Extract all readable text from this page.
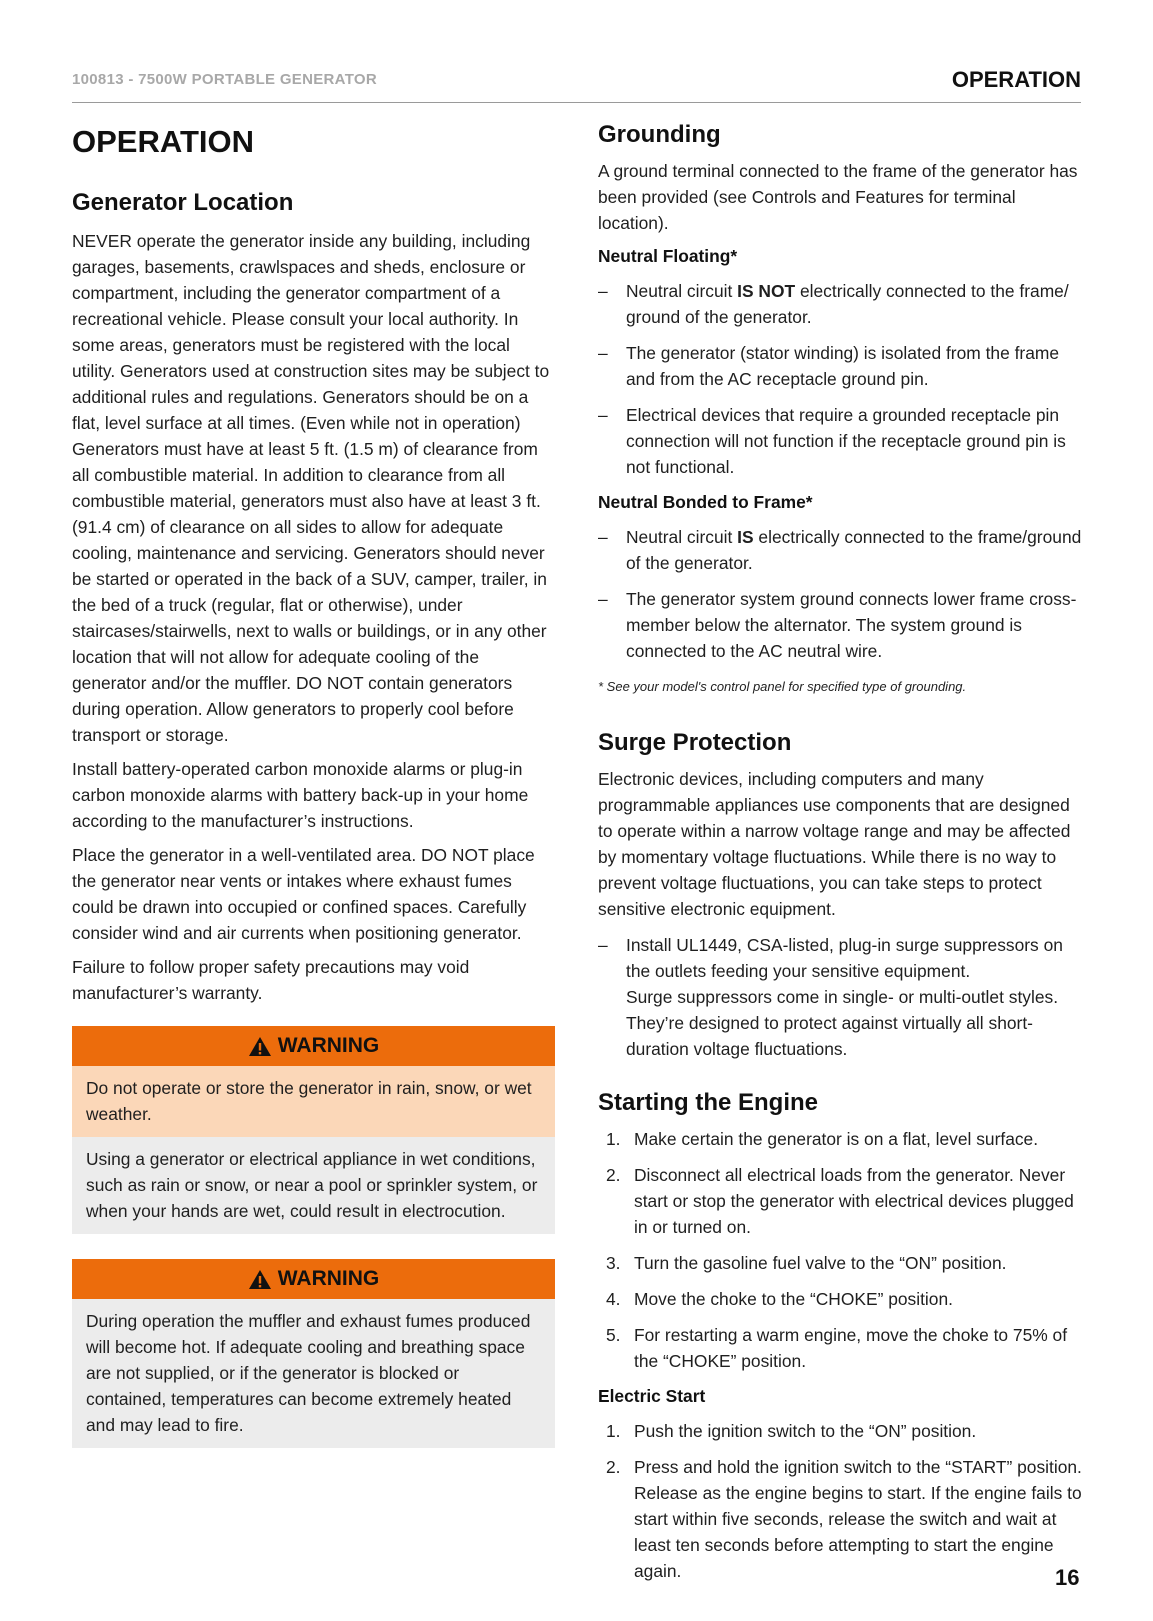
100813 - 7500W PORTABLE GENERATOR	OPERATION
OPERATION
Generator Location

NEVER operate the generator inside any building, including garages, basements, crawlspaces and sheds, enclosure or compartment, including the generator compartment of a recreational vehicle. Please consult your local authority. In some areas, generators must be registered with the local utility. Generators used at construction sites may be subject to additional rules and regulations. Generators should be on a flat, level surface at all times. (Even while not in operation) Generators must have at least 5 ft. (1.5 m) of clearance from all combustible material. In addition to clearance from all combustible material, generators must also have at least 3 ft. (91.4 cm) of clearance on all sides to allow for adequate cooling, maintenance and servicing. Generators should never be started or operated in the back of a SUV, camper, trailer, in the bed of a truck (regular, flat or otherwise), under staircases/stairwells, next to walls or buildings, or in any other location that will not allow for adequate cooling of the generator and/or the muffler. DO NOT contain generators during operation. Allow generators to properly cool before transport or storage.

Install battery-operated carbon monoxide alarms or plug-in carbon monoxide alarms with battery back-up in your home according to the manufacturer’s instructions.

Place the generator in a well-ventilated area. DO NOT place the generator near vents or intakes where exhaust fumes could be drawn into occupied or confined spaces. Carefully consider wind and air currents when positioning generator.

Failure to follow proper safety precautions may void manufacturer’s warranty.

WARNING

Do not operate or store the generator in rain, snow, or wet weather.

Using a generator or electrical appliance in wet conditions, such as rain or snow, or near a pool or sprinkler system, or when your hands are wet, could result in electrocution.

WARNING

During operation the muffler and exhaust fumes produced will become hot. If adequate cooling and breathing space are not supplied, or if the generator is blocked or contained, temperatures can become extremely heated and may lead to fire.

Grounding

A ground terminal connected to the frame of the generator has been provided (see Controls and Features for terminal location).

Neutral Floating*
– Neutral circuit IS NOT electrically connected to the frame/ ground of the generator.
– The generator (stator winding) is isolated from the frame and from the AC receptacle ground pin.
– Electrical devices that require a grounded receptacle pin connection will not function if the receptacle ground pin is not functional.
Neutral Bonded to Frame*
– Neutral circuit IS electrically connected to the frame/ground of the generator.
– The generator system ground connects lower frame cross-member below the alternator. The system ground is connected to the AC neutral wire.

* See your model's control panel for specified type of grounding.

Surge Protection

Electronic devices, including computers and many programmable appliances use components that are designed to operate within a narrow voltage range and may be affected by momentary voltage fluctuations. While there is no way to prevent voltage fluctuations, you can take steps to protect sensitive electronic equipment.

– Install UL1449, CSA-listed, plug-in surge suppressors on the outlets feeding your sensitive equipment.
Surge suppressors come in single- or multi-outlet styles. They’re designed to protect against virtually all short-duration voltage fluctuations.
Starting the Engine
1. Make certain the generator is on a flat, level surface.
2. Disconnect all electrical loads from the generator. Never start or stop the generator with electrical devices plugged in or turned on.
3. Turn the gasoline fuel valve to the “ON” position.
4. Move the choke to the “CHOKE” position.
5. For restarting a warm engine, move the choke to 75% of the “CHOKE” position.
Electric Start
1. Push the ignition switch to the “ON” position.
2. Press and hold the ignition switch to the “START” position. Release as the engine begins to start. If the engine fails to start within five seconds, release the switch and wait at least ten seconds before attempting to start the engine again.	16
